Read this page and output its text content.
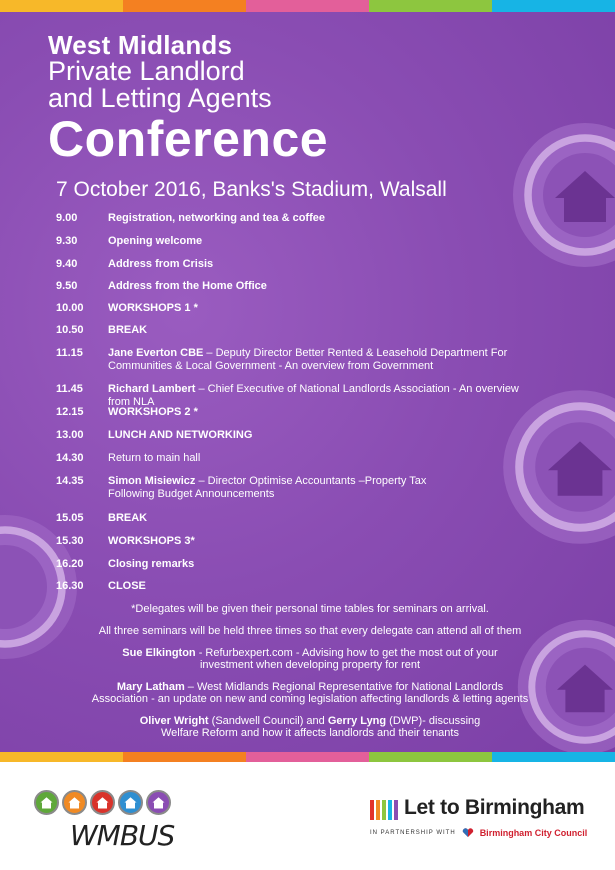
West Midlands
Private Landlord
and Letting Agents
Conference
7 October 2016, Banks's Stadium, Walsall
9.00	Registration, networking and tea & coffee
9.30	Opening welcome
9.40	Address from Crisis
9.50	Address from the Home Office
10.00	WORKSHOPS 1 *
10.50	BREAK
11.15	Jane Everton CBE – Deputy Director Better Rented & Leasehold Department For Communities & Local Government - An overview from Government
11.45	Richard Lambert – Chief Executive of National Landlords Association - An overview from NLA
12.15	WORKSHOPS 2 *
13.00	LUNCH AND NETWORKING
14.30	Return to main hall
14.35	Simon Misiewicz – Director Optimise Accountants –Property Tax Following Budget Announcements
15.05	BREAK
15.30	WORKSHOPS 3*
16.20	Closing remarks
16.30	CLOSE

*Delegates will be given their personal time tables for seminars on arrival.

All three seminars will be held three times so that every delegate can attend all of them

Sue Elkington - Refurbexpert.com - Advising how to get the most out of your investment when developing property for rent

Mary Latham – West Midlands Regional Representative for National Landlords Association - an update on new and coming legislation affecting landlords & letting agents

Oliver Wright (Sandwell Council) and Gerry Lyng (DWP)- discussing Welfare Reform and how it affects landlords and their tenants

WMBUS
Let to Birmingham
IN PARTNERSHIP WITH	Birmingham City Council
